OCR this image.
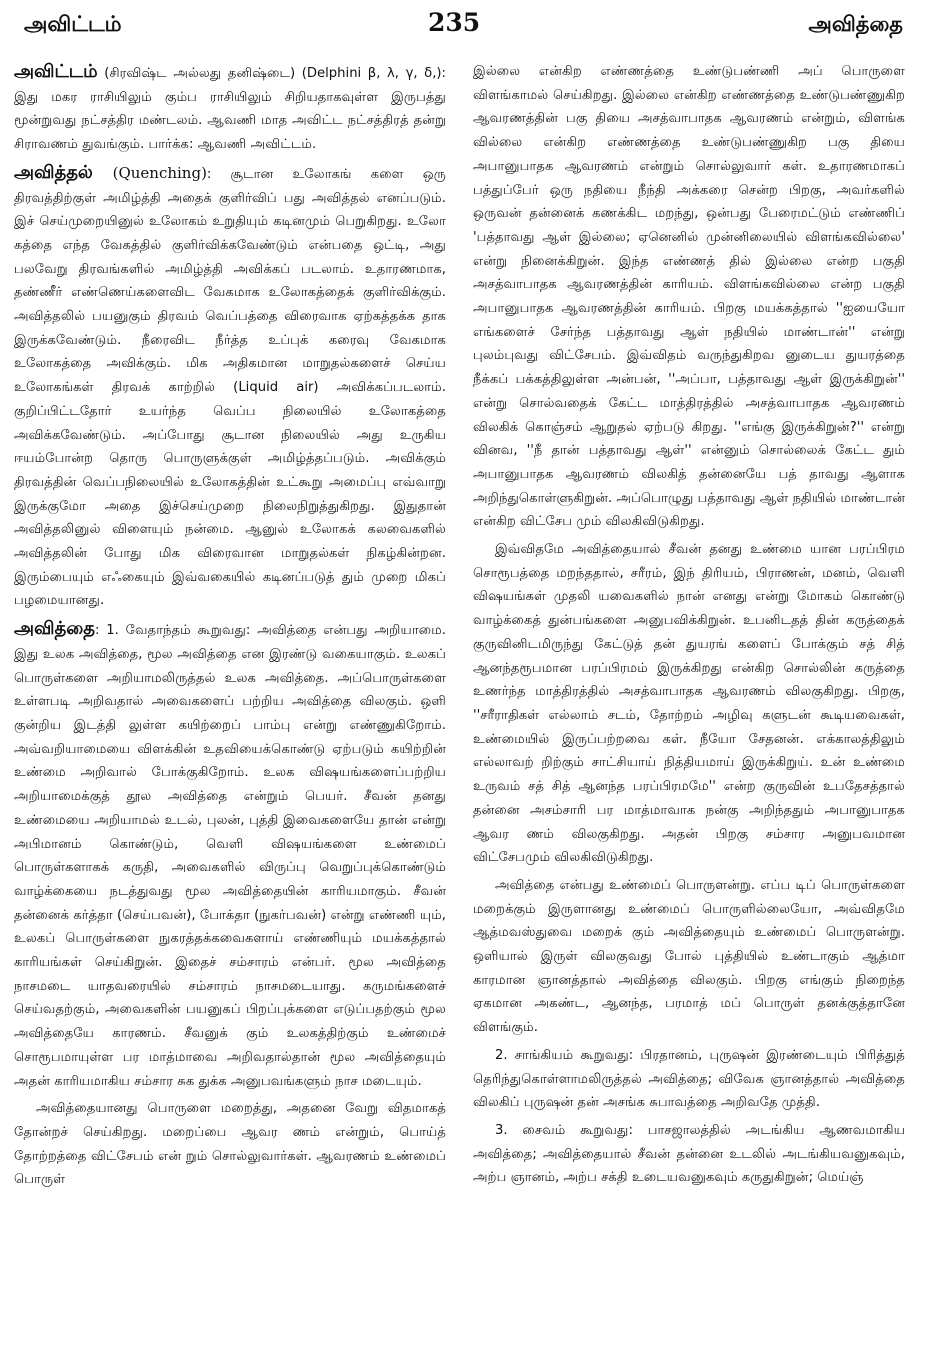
அவிட்டம்	235	அவித்தை

அவிட்டம் (சிரவிஷ்ட அல்லது தனிஷ்டை) (Delphini β, λ, γ, δ,): இது மகர ராசியிலும் கும்ப ராசியிலும் சிறியதாகவுள்ள இருபத்து மூன்றுவது நட்சத்திர மண்டலம். ஆவணி மாத அவிட்ட நட்சத்திரத் தன்று சிராவணம் துவங்கும். பார்க்க: ஆவணி அவிட்டம்.

அவித்தல் (Quenching): சூடான உலோகங் களை ஒரு திரவத்திற்குள் அமிழ்த்தி அதைக் குளிர்விப் பது அவித்தல் எனப்படும். இச் செய்முறையினுல் உலோகம் உறுதியும் கடினமும் பெறுகிறது. உலோ கத்தை எந்த வேகத்தில் குளிர்விக்கவேண்டும் என்பதை ஒட்டி, அது பலவேறு திரவங்களில் அமிழ்த்தி அவிக்கப் படலாம். உதாரணமாக, தண்ணீர் எண்ணெய்களைவிட வேகமாக உலோகத்தைக் குளிர்விக்கும். அவித்தலில் பயனுகும் திரவம் வெப்பத்தை விரைவாக ஏற்கத்தக்க தாக இருக்கவேண்டும். நீரைவிட நீர்த்த உப்புக் கரைவு வேகமாக உலோகத்தை அவிக்கும். மிக அதிகமான மாறுதல்களைச் செய்ய உலோகங்கள் திரவக் காற்றில் (Liquid air) அவிக்கப்படலாம். குறிப்பிட்டதோர் உயர்ந்த வெப்ப நிலையில் உலோகத்தை அவிக்கவேண்டும். அப்போது சூடான நிலையில் அது உருகிய ஈயம்போன்ற தொரு பொருளுக்குள் அமிழ்த்தப்படும். அவிக்கும் திரவத்தின் வெப்பநிலையில் உலோகத்தின் உட்கூறு அமைப்பு எவ்வாறு இருக்குமோ அதை இச்செய்முறை நிலைநிறுத்துகிறது. இதுதான் அவித்தலினுல் விளையும் நன்மை. ஆனுல் உலோகக் கலவைகளில் அவித்தலின் போது மிக விரைவான மாறுதல்கள் நிகழ்கின்றன. இரும்பையும் எஃகையும் இவ்வகையில் கடினப்படுத் தும் முறை மிகப் பழமையானது.

அவித்தை: 1. வேதாந்தம் கூறுவது: அவித்தை என்பது அறியாமை. இது உலக அவித்தை, மூல அவித்தை என இரண்டு வகையாகும். உலகப் பொருள்களை அறியாமலிருத்தல் உலக அவித்தை. அப்பொருள்களை உள்ளபடி அறிவதால் அவைகளைப் பற்றிய அவித்தை விலகும். ஒளி குன்றிய இடத்தி லுள்ள கயிற்றைப் பாம்பு என்று எண்ணுகிறோம். அவ்வறியாமையை விளக்கின் உதவியைக்கொண்டு ஏற்படும் கயிற்றின் உண்மை அறிவால் போக்குகிறோம். உலக விஷயங்களைப்பற்றிய அறியாமைக்குத் தூல அவித்தை என்றும் பெயர். சீவன் தனது உண்மையை அறியாமல் உடல், புலன், புத்தி இவைகளையே தான் என்று அபிமானம் கொண்டும், வெளி விஷயங்களை உண்மைப் பொருள்களாகக் கருதி, அவைகளில் விருப்பு வெறுப்புக்கொண்டும் வாழ்க்கையை நடத்துவது மூல அவித்தையின் காரியமாகும். சீவன் தன்னைக் கர்த்தா (செய்பவன்), போக்தா (நுகர்பவன்) என்று எண்ணி யும், உலகப் பொருள்களை நுகரத்தக்கவைகளாய் எண்ணியும் மயக்கத்தால் காரியங்கள் செய்கிறுன். இதைச் சம்சாரம் என்பர். மூல அவித்தை நாசமடை யாதவரையில் சம்சாரம் நாசமடையாது. கருமங்களைச் செய்வதற்கும், அவைகளின் பயனுகப் பிறப்புக்களை எடுப்பதற்கும் மூல அவித்தையே காரணம். சீவனுக் கும் உலகத்திற்கும் உண்மைச் சொரூபமாயுள்ள பர மாத்மாவை அறிவதால்தான் மூல அவித்தையும் அதன் காரியமாகிய சம்சார சுக துக்க அனுபவங்களும் நாச மடையும்.

அவித்தையானது பொருளை மறைத்து, அதனை வேறு விதமாகத் தோன்றச் செய்கிறது. மறைப்பை ஆவர ணம் என்றும், பொய்த் தோற்றத்தை விட்சேபம் என் றும் சொல்லுவார்கள். ஆவரணம் உண்மைப் பொருள்

இல்லை என்கிற எண்ணத்தை உண்டுபண்ணி அப் பொருளை விளங்காமல் செய்கிறது. இல்லை என்கிற எண்ணத்தை உண்டுபண்ணுகிற ஆவரணத்தின் பகு தியை அசத்வாபாதக ஆவரணம் என்றும், விளங்க வில்லை என்கிற எண்ணத்தை உண்டுபண்ணுகிற பகு தியை அபானுபாதக ஆவரணம் என்றும் சொல்லுவார் கள். உதாரணமாகப் பத்துப்பேர் ஒரு நதியை நீந்தி அக்கரை சென்ற பிறகு, அவர்களில் ஒருவன் தன்னைக் கணக்கிட மறந்து, ஒன்பது பேரைமட்டும் எண்ணிப் 'பத்தாவது ஆள் இல்லை; ஏனெனில் முன்னிலையில் விளங்கவில்லை' என்று நினைக்கிறுன். இந்த எண்ணத் தில் இல்லை என்ற பகுதி அசத்வாபாதக ஆவரணத்தின் காரியம். விளங்கவில்லை என்ற பகுதி அபானுபாதக ஆவரணத்தின் காரியம். பிறகு மயக்கத்தால் ''ஐயையோ எங்களைச் சேர்ந்த பத்தாவது ஆள் நதியில் மாண்டான்'' என்று புலம்புவது விட்சேபம். இவ்விதம் வருந்துகிறவ னுடைய துயரத்தை நீக்கப் பக்கத்திலுள்ள அன்பன், ''அப்பா, பத்தாவது ஆள் இருக்கிறுன்'' என்று சொல்வதைக் கேட்ட மாத்திரத்தில் அசத்வாபாதக ஆவரணம் விலகிக் கொஞ்சம் ஆறுதல் ஏற்படு கிறது. ''எங்கு இருக்கிறுன்?'' என்று வினவ, ''நீ தான் பத்தாவது ஆள்'' என்னும் சொல்லைக் கேட்ட தும் அபானுபாதக ஆவரணம் விலகித் தன்னையே பத் தாவது ஆளாக அறிந்துகொள்ளுகிறுன். அப்பொழுது பத்தாவது ஆள் நதியில் மாண்டான் என்கிற விட்சேப மும் விலகிவிடுகிறது.

இவ்விதமே அவித்தையால் சீவன் தனது உண்மை யான பரப்பிரம சொரூபத்தை மறந்ததால், சரீரம், இந் திரியம், பிராணன், மனம், வெளி விஷயங்கள் முதலி யவைகளில் நான் எனது என்று மோகம் கொண்டு வாழ்க்கைத் துன்பங்களை அனுபவிக்கிறுன். உபனிடதத் தின் கருத்தைக் குருவினிடமிருந்து கேட்டுத் தன் துயரங் களைப் போக்கும் சத் சித் ஆனந்தரூபமான பரப்பிரமம் இருக்கிறது என்கிற சொல்லின் கருத்தை உணர்ந்த மாத்திரத்தில் அசத்வாபாதக ஆவரணம் விலகுகிறது. பிறகு, ''சரீராதிகள் எல்லாம் சடம், தோற்றம் அழிவு களுடன் கூடியவைகள், உண்மையில் இருப்பற்றவை கள். நீயோ சேதனன். எக்காலத்திலும் எல்லாவற் றிற்கும் சாட்சியாய் நித்தியமாய் இருக்கிறுய். உன் உண்மை உருவம் சத் சித் ஆனந்த பரப்பிரமமே'' என்ற குருவின் உபதேசத்தால் தன்னை அசம்சாரி பர மாத்மாவாக நன்கு அறிந்ததும் அபானுபாதக ஆவர ணம் விலகுகிறது. அதன் பிறகு சம்சார அனுபவமான விட்சேபமும் விலகிவிடுகிறது.

அவித்தை என்பது உண்மைப் பொருளன்று. எப்ப டிப் பொருள்களை மறைக்கும் இருளானது உண்மைப் பொருளில்லையோ, அவ்விதமே ஆத்மவஸ்துவை மறைக் கும் அவித்தையும் உண்மைப் பொருளன்று. ஒளியால் இருள் விலகுவது போல் புத்தியில் உண்டாகும் ஆத்மா காரமான ஞானத்தால் அவித்தை விலகும். பிறகு எங்கும் நிறைந்த ஏகமான அகண்ட, ஆனந்த, பரமாத் மப் பொருள் தனக்குத்தானே விளங்கும்.

2. சாங்கியம் கூறுவது: பிரதானம், புருஷன் இரண்டையும் பிரித்துத் தெரிந்துகொள்ளாமலிருத்தல் அவித்தை; விவேக ஞானத்தால் அவித்தை விலகிப் புருஷன் தன் அசங்க சுபாவத்தை அறிவதே முத்தி.

3. சைவம் கூறுவது: பாசஜாலத்தில் அடங்கிய ஆணவமாகிய அவித்தை; அவித்தையால் சீவன் தன்னை உடலில் அடங்கியவனுகவும், அற்ப ஞானம், அற்ப சக்தி உடையவனுகவும் கருதுகிறுன்; மெய்ஞ்
